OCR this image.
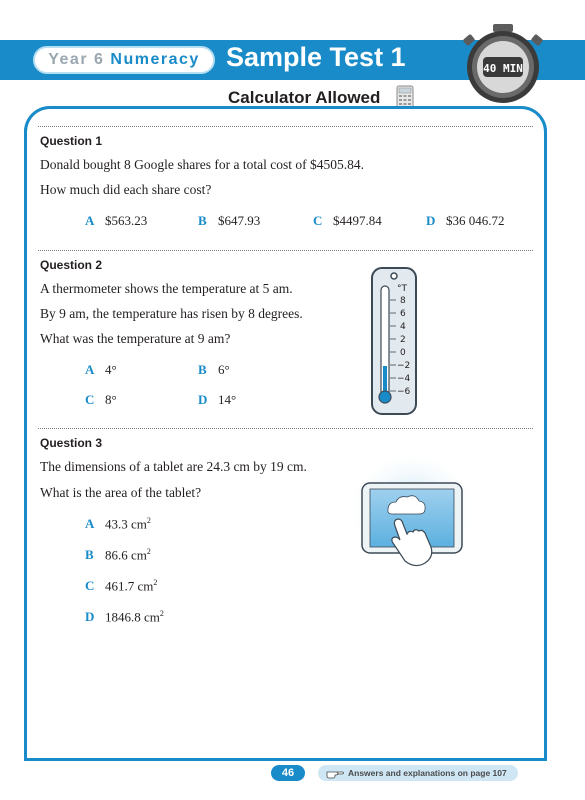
Year 6 Numeracy Sample Test 1	40 MIN
Calculator Allowed
Question 1
Donald bought 8 Google shares for a total cost of $4505.84.
How much did each share cost?
A $563.23	B $647.93	C $4497.84	D $36 046.72
Question 2
A thermometer shows the temperature at 5 am.
By 9 am, the temperature has risen by 8 degrees.
What was the temperature at 9 am?
A 4°	B 6°
C 8°	D 14°
°T
8
6
4
2
0
−2
−4
−6
Question 3
The dimensions of a tablet are 24.3 cm by 19 cm.
What is the area of the tablet?
A 43.3 $cm^2$
B 86.6 $cm^2$
C 461.7 $cm^2$
D 1846.8 $cm^2$
46	Answers and explanations on page 107
